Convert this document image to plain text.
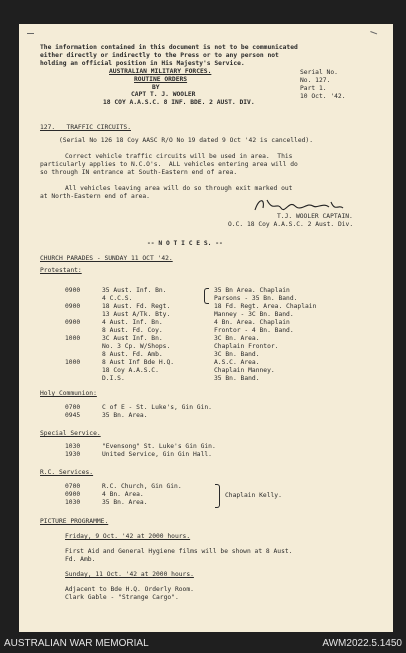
The information contained in this document is not to be communicated
either directly or indirectly to the Press or to any person not
holding an official position in His Majesty's Service.
AUSTRALIAN MILITARY FORCES.
ROUTINE ORDERS
BY
CAPT T. J. WOOLER
18 COY A.A.S.C. 8 INF. BDE. 2 AUST. DIV.
Serial No.
No. 127.
Part 1.
10 Oct. '42.
127.   TRAFFIC CIRCUITS.
(Serial No 126 18 Coy AASC R/O No 19 dated 9 Oct '42 is cancelled).
Correct vehicle traffic circuits will be used in area.  This
particularly applies to N.C.O's.  ALL vehicles entering area will do
so through IN entrance at South-Eastern end of area.
All vehicles leaving area will do so through exit marked out
at North-Eastern end of area.
T.J. WOOLER CAPTAIN.
O.C. 18 Coy A.A.S.C. 2 Aust. Div.
-- N O T I C E S. --
CHURCH PARADES - SUNDAY 11 OCT '42.
Protestant:
0900	35 Aust. Inf. Bn.	35 Bn Area. Chaplain
4 C.C.S.	Parsons - 35 Bn. Band.
0900	18 Aust. Fd. Regt.	18 Fd. Regt. Area. Chaplain
13 Aust A/Tk. Bty.	Manney - 3C Bn. Band.
0900	4 Aust. Inf. Bn.	4 Bn. Area. Chaplain
8 Aust. Fd. Coy.	Frontor - 4 Bn. Band.
1000	3C Aust Inf. Bn.	3C Bn. Area.
No. 3 Cp. W/Shops.	Chaplain Frontor.
8 Aust. Fd. Amb.	3C Bn. Band.
1000	8 Aust Inf Bde H.Q.	A.S.C. Area.
18 Coy A.A.S.C.	Chaplain Manney.
D.I.S.	35 Bn. Band.
Holy Communion:
0700	C of E - St. Luke's, Gin Gin.
0945	35 Bn. Area.
Special Service.
1030	"Evensong" St. Luke's Gin Gin.
1930	United Service, Gin Gin Hall.
R.C. Services.
0700	R.C. Church, Gin Gin.
0900	4 Bn. Area.
1030	35 Bn. Area.
Chaplain Kelly.
PICTURE PROGRAMME.
Friday, 9 Oct. '42 at 2000 hours.
First Aid and General Hygiene films will be shown at 8 Aust.
Fd. Amb.
Sunday, 11 Oct. '42 at 2000 hours.
Adjacent to Bde H.Q. Orderly Room.
Clark Gable - "Strange Cargo".
AUSTRALIAN WAR MEMORIAL	AWM2022.5.1450
